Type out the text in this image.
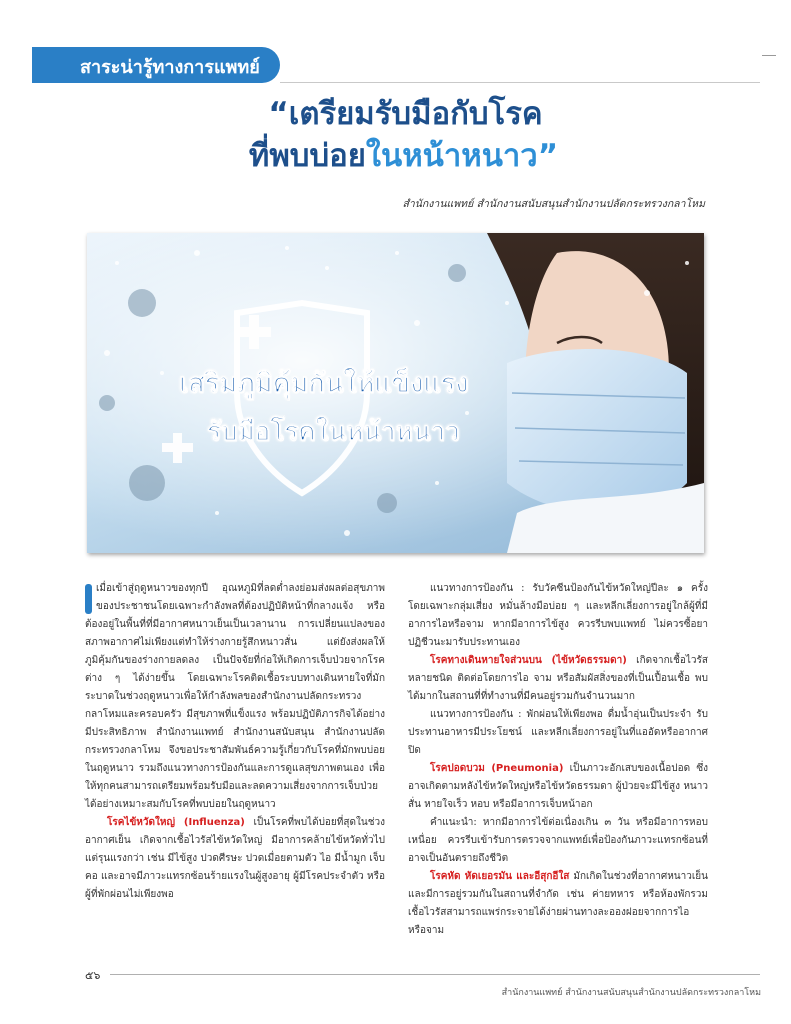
สาระน่ารู้ทางการแพทย์
“เตรียมรับมือกับโรค
ที่พบบ่อยในหน้าหนาว”
สำนักงานแพทย์ สำนักงานสนับสนุนสำนักงานปลัดกระทรวงกลาโหม
เสริมภูมิคุ้มกันให้แข็งแรง
รับมือโรคในหน้าหนาว

เมื่อเข้าสู่ฤดูหนาวของทุกปี อุณหภูมิที่ลดต่ำลงย่อมส่งผลต่อสุขภาพของประชาชนโดยเฉพาะกำลังพลที่ต้องปฏิบัติหน้าที่กลางแจ้ง หรือต้องอยู่ในพื้นที่ที่มีอากาศหนาวเย็นเป็นเวลานาน การเปลี่ยนแปลงของสภาพอากาศไม่เพียงแต่ทำให้ร่างกายรู้สึกหนาวสั่น แต่ยังส่งผลให้ภูมิคุ้มกันของร่างกายลดลง เป็นปัจจัยที่ก่อให้เกิดการเจ็บป่วยจากโรคต่าง ๆ ได้ง่ายขึ้น โดยเฉพาะโรคติดเชื้อระบบทางเดินหายใจที่มักระบาดในช่วงฤดูหนาวเพื่อให้กำลังพลของสำนักงานปลัดกระทรวงกลาโหมและครอบครัว มีสุขภาพที่แข็งแรง พร้อมปฏิบัติภารกิจได้อย่างมีประสิทธิภาพ สำนักงานแพทย์ สำนักงานสนับสนุน สำนักงานปลัดกระทรวงกลาโหม จึงขอประชาสัมพันธ์ความรู้เกี่ยวกับโรคที่มักพบบ่อยในฤดูหนาว รวมถึงแนวทางการป้องกันและการดูแลสุขภาพตนเอง เพื่อให้ทุกคนสามารถเตรียมพร้อมรับมือและลดความเสี่ยงจากการเจ็บป่วยได้อย่างเหมาะสมกับโรคที่พบบ่อยในฤดูหนาว

โรคไข้หวัดใหญ่ (Influenza) เป็นโรคที่พบได้บ่อยที่สุดในช่วงอากาศเย็น เกิดจากเชื้อไวรัสไข้หวัดใหญ่ มีอาการคล้ายไข้หวัดทั่วไปแต่รุนแรงกว่า เช่น มีไข้สูง ปวดศีรษะ ปวดเมื่อยตามตัว ไอ มีน้ำมูก เจ็บคอ และอาจมีภาวะแทรกซ้อนร้ายแรงในผู้สูงอายุ ผู้มีโรคประจำตัว หรือผู้ที่พักผ่อนไม่เพียงพอ

แนวทางการป้องกัน : รับวัคซีนป้องกันไข้หวัดใหญ่ปีละ ๑ ครั้ง โดยเฉพาะกลุ่มเสี่ยง หมั่นล้างมือบ่อย ๆ และหลีกเลี่ยงการอยู่ใกล้ผู้ที่มีอาการไอหรือจาม หากมีอาการไข้สูง ควรรีบพบแพทย์ ไม่ควรซื้อยาปฏิชีวนะมารับประทานเอง

โรคทางเดินหายใจส่วนบน (ไข้หวัดธรรมดา) เกิดจากเชื้อไวรัสหลายชนิด ติดต่อโดยการไอ จาม หรือสัมผัสสิ่งของที่เป็นเปื้อนเชื้อ พบได้มากในสถานที่ที่ทำงานที่มีคนอยู่รวมกันจำนวนมาก

แนวทางการป้องกัน : พักผ่อนให้เพียงพอ ดื่มน้ำอุ่นเป็นประจำ รับประทานอาหารมีประโยชน์ และหลีกเลี่ยงการอยู่ในที่แออัดหรืออากาศปิด

โรคปอดบวม (Pneumonia) เป็นภาวะอักเสบของเนื้อปอด ซึ่งอาจเกิดตามหลังไข้หวัดใหญ่หรือไข้หวัดธรรมดา ผู้ป่วยจะมีไข้สูง หนาวสั่น หายใจเร็ว หอบ หรือมีอาการเจ็บหน้าอก

คำแนะนำ: หากมีอาการไข้ต่อเนื่องเกิน ๓ วัน หรือมีอาการหอบเหนื่อย ควรรีบเข้ารับการตรวจจากแพทย์เพื่อป้องกันภาวะแทรกซ้อนที่อาจเป็นอันตรายถึงชีวิต

โรคหัด หัดเยอรมัน และอีสุกอีใส มักเกิดในช่วงที่อากาศหนาวเย็น และมีการอยู่รวมกันในสถานที่จำกัด เช่น ค่ายทหาร หรือห้องพักรวม เชื้อไวรัสสามารถแพร่กระจายได้ง่ายผ่านทางละอองฝอยจากการไอ หรือจาม

๕๖
สำนักงานแพทย์ สำนักงานสนับสนุนสำนักงานปลัดกระทรวงกลาโหม
